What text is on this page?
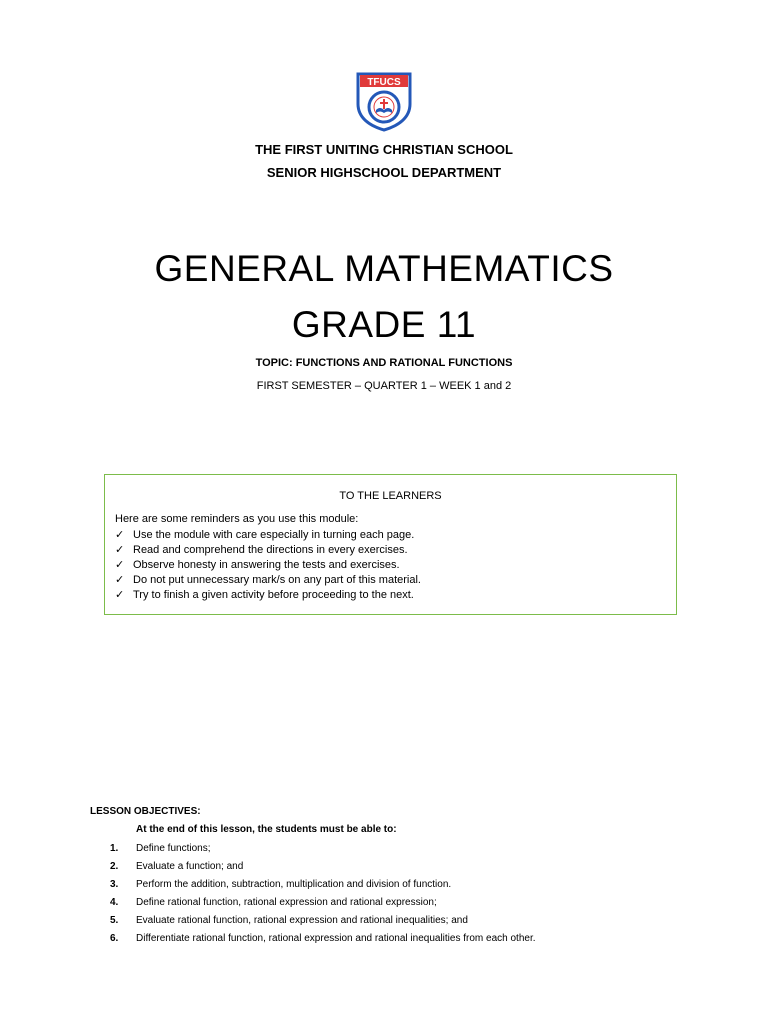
TFUCS
THE FIRST UNITING CHRISTIAN SCHOOL
SENIOR HIGHSCHOOL DEPARTMENT
GENERAL MATHEMATICS
GRADE 11
TOPIC: FUNCTIONS AND RATIONAL FUNCTIONS
FIRST SEMESTER – QUARTER 1 – WEEK 1 and 2
TO THE LEARNERS
Here are some reminders as you use this module:
✓ Use the module with care especially in turning each page.
✓ Read and comprehend the directions in every exercises.
✓ Observe honesty in answering the tests and exercises.
✓ Do not put unnecessary mark/s on any part of this material.
✓ Try to finish a given activity before proceeding to the next.
LESSON OBJECTIVES:
At the end of this lesson, the students must be able to:
1. Define functions;
2. Evaluate a function; and
3. Perform the addition, subtraction, multiplication and division of function.
4. Define rational function, rational expression and rational expression;
5. Evaluate rational function, rational expression and rational inequalities; and
6. Differentiate rational function, rational expression and rational inequalities from each other.
